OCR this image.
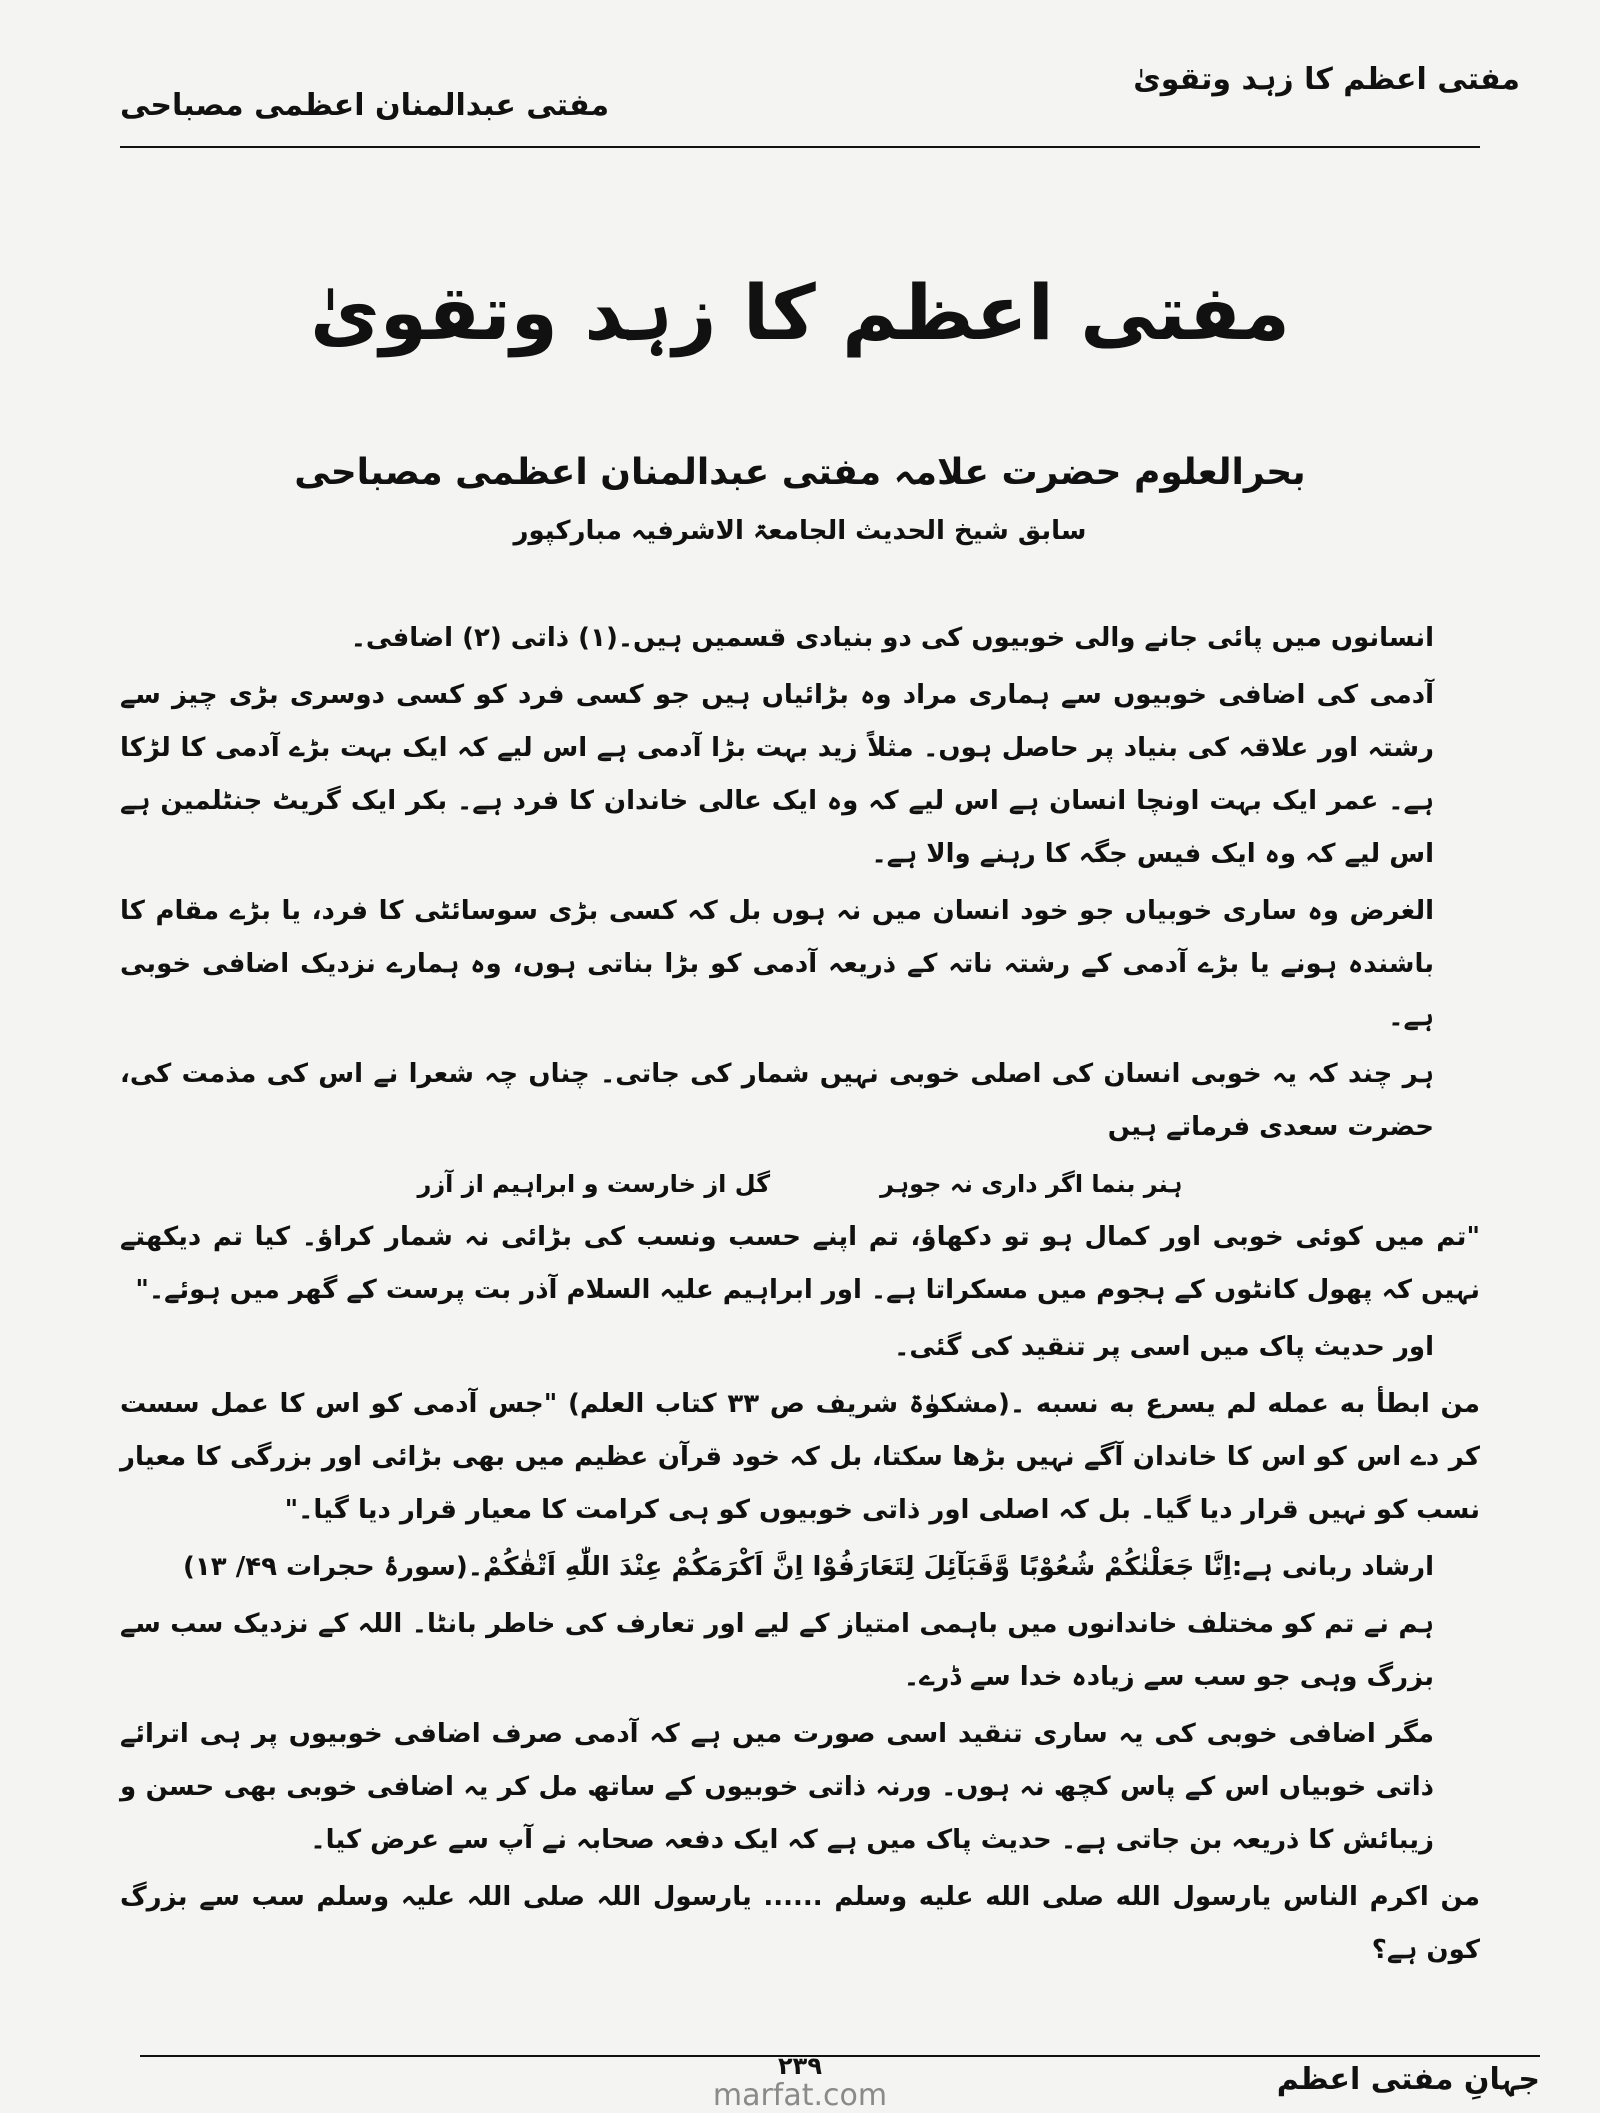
مفتی اعظم کا زہد وتقویٰ
مفتی عبدالمنان اعظمی مصباحی
مفتی اعظم کا زہد وتقویٰ
بحرالعلوم حضرت علامہ مفتی عبدالمنان اعظمی مصباحی
سابق شیخ الحدیث الجامعۃ الاشرفیہ مبارکپور

انسانوں میں پائی جانے والی خوبیوں کی دو بنیادی قسمیں ہیں۔(۱) ذاتی (۲) اضافی۔

آدمی کی اضافی خوبیوں سے ہماری مراد وہ بڑائیاں ہیں جو کسی فرد کو کسی دوسری بڑی چیز سے رشتہ اور علاقہ کی بنیاد پر حاصل ہوں۔ مثلاً زید بہت بڑا آدمی ہے اس لیے کہ ایک بہت بڑے آدمی کا لڑکا ہے۔ عمر ایک بہت اونچا انسان ہے اس لیے کہ وہ ایک عالی خاندان کا فرد ہے۔ بکر ایک گریٹ جنٹلمین ہے اس لیے کہ وہ ایک فیس جگہ کا رہنے والا ہے۔

الغرض وہ ساری خوبیاں جو خود انسان میں نہ ہوں بل کہ کسی بڑی سوسائٹی کا فرد، یا بڑے مقام کا باشندہ ہونے یا بڑے آدمی کے رشتہ ناتہ کے ذریعہ آدمی کو بڑا بناتی ہوں، وہ ہمارے نزدیک اضافی خوبی ہے۔

ہر چند کہ یہ خوبی انسان کی اصلی خوبی نہیں شمار کی جاتی۔ چناں چہ شعرا نے اس کی مذمت کی، حضرت سعدی فرماتے ہیں

ہنر بنما اگر داری نہ جوہر
گل از خارست و ابراہیم از آزر

"تم میں کوئی خوبی اور کمال ہو تو دکھاؤ، تم اپنے حسب ونسب کی بڑائی نہ شمار کراؤ۔ کیا تم دیکھتے نہیں کہ پھول کانٹوں کے ہجوم میں مسکراتا ہے۔ اور ابراہیم علیہ السلام آذر بت پرست کے گھر میں ہوئے۔"

اور حدیث پاک میں اسی پر تنقید کی گئی۔

من ابطأ به عمله لم يسرع به نسبه ۔(مشکوٰۃ شریف ص ۳۳ کتاب العلم) "جس آدمی کو اس کا عمل سست کر دے اس کو اس کا خاندان آگے نہیں بڑھا سکتا، بل کہ خود قرآن عظیم میں بھی بڑائی اور بزرگی کا معیار نسب کو نہیں قرار دیا گیا۔ بل کہ اصلی اور ذاتی خوبیوں کو ہی کرامت کا معیار قرار دیا گیا۔"

ارشاد ربانی ہے:اِنَّا جَعَلْنٰكُمْ شُعُوْبًا وَّقَبَآئِلَ لِتَعَارَفُوْا اِنَّ اَكْرَمَكُمْ عِنْدَ اللّٰهِ اَتْقٰكُمْ۔(سورۂ حجرات ۴۹/ ۱۳)

ہم نے تم کو مختلف خاندانوں میں باہمی امتیاز کے لیے اور تعارف کی خاطر بانٹا۔ اللہ کے نزدیک سب سے بزرگ وہی جو سب سے زیادہ خدا سے ڈرے۔

مگر اضافی خوبی کی یہ ساری تنقید اسی صورت میں ہے کہ آدمی صرف اضافی خوبیوں پر ہی اترائے ذاتی خوبیاں اس کے پاس کچھ نہ ہوں۔ ورنہ ذاتی خوبیوں کے ساتھ مل کر یہ اضافی خوبی بھی حسن و زیبائش کا ذریعہ بن جاتی ہے۔ حدیث پاک میں ہے کہ ایک دفعہ صحابہ نے آپ سے عرض کیا۔

من اكرم الناس يارسول الله صلى الله عليه وسلم ...... یارسول اللہ صلی اللہ علیہ وسلم سب سے بزرگ کون ہے؟

جہانِ مفتی اعظم
۲۳۹
marfat.com
